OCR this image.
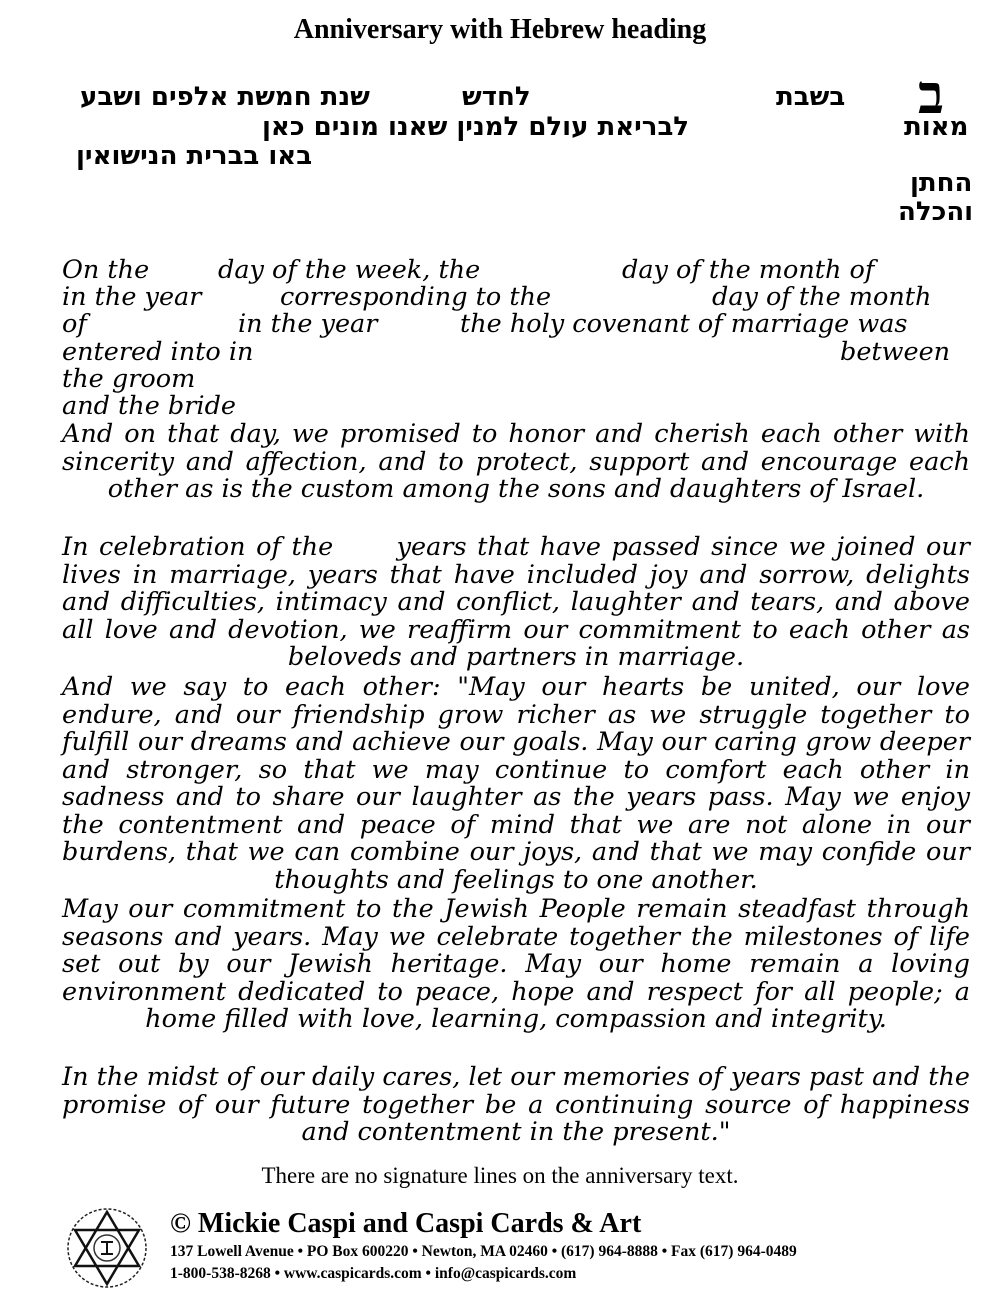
Anniversary with Hebrew heading
ב
בשבת
לחדש
שנת חמשת אלפים ושבע
מאות
לבריאת עולם למנין שאנו מונים כאן
באו בברית הנישואין
החתן
והכלה
On the	day of the week, the	day of the month of
in the year	corresponding to the	day of the month
of	in the year	the holy covenant of marriage was
entered into in	between
the groom
and the bride

And on that day, we promised to honor and cherish each other with sincerity and affection, and to protect, support and encourage each other as is the custom among the sons and daughters of Israel.

In celebration of the      years that have passed since we joined our lives in marriage, years that have included joy and sorrow, delights and difficulties, intimacy and conflict, laughter and tears, and above all love and devotion, we reaffirm our commitment to each other as beloveds and partners in marriage.

And we say to each other: "May our hearts be united, our love endure, and our friendship grow richer as we struggle together to fulfill our dreams and achieve our goals. May our caring grow deeper and stronger, so that we may continue to comfort each other in sadness and to share our laughter as the years pass. May we enjoy the contentment and peace of mind that we are not alone in our burdens, that we can combine our joys, and that we may confide our thoughts and feelings to one another.

May our commitment to the Jewish People remain steadfast through seasons and years. May we celebrate together the milestones of life set out by our Jewish heritage. May our home remain a loving environment dedicated to peace, hope and respect for all people; a home filled with love, learning, compassion and integrity.

In the midst of our daily cares, let our memories of years past and the promise of our future together be a continuing source of happiness and contentment in the present."

There are no signature lines on the anniversary text.
© Mickie Caspi and Caspi Cards & Art
137 Lowell Avenue • PO Box 600220 • Newton, MA 02460 • (617) 964-8888 • Fax (617) 964-0489
1-800-538-8268 • www.caspicards.com • info@caspicards.com
